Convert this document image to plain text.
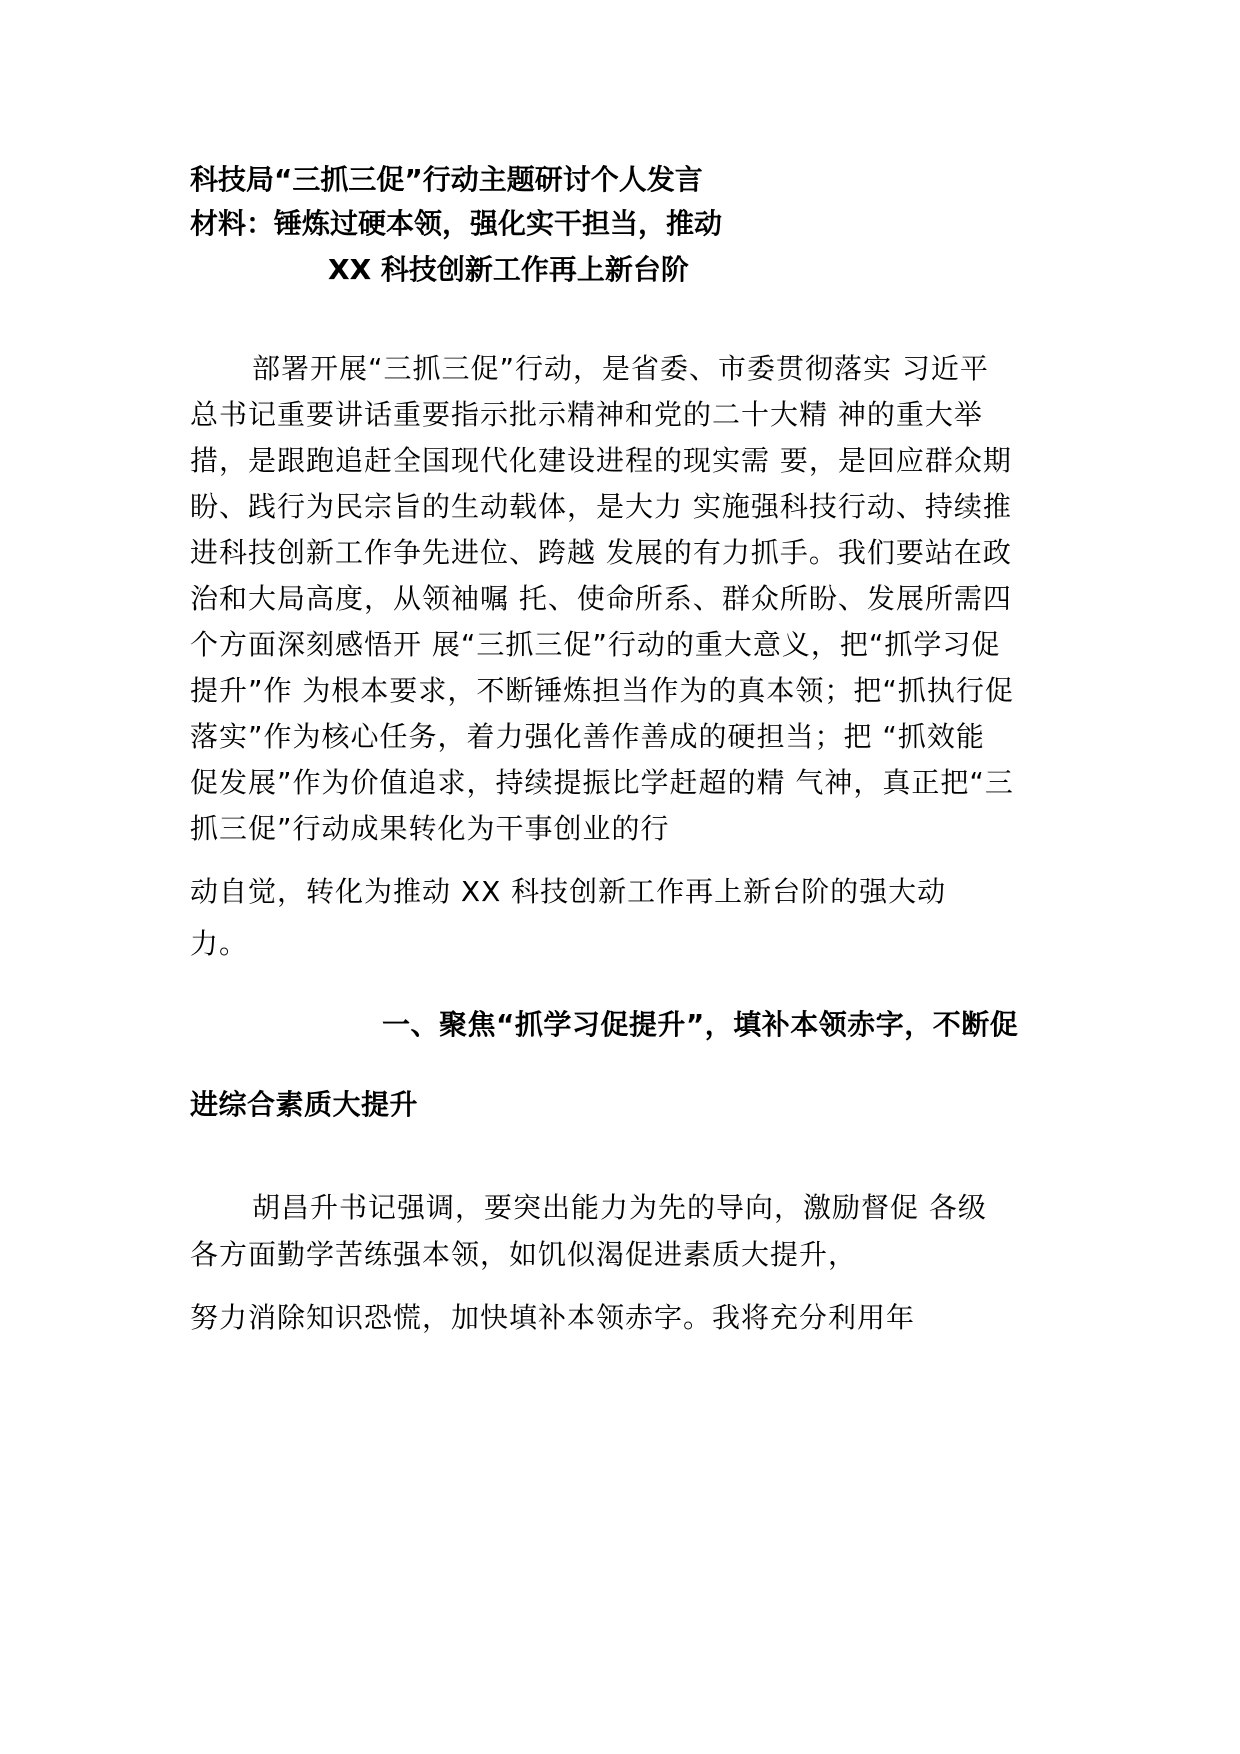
科技局“三抓三促”行动主题研讨个人发言
材料：锤炼过硬本领，强化实干担当，推动
XX 科技创新工作再上新台阶
部署开展“三抓三促”行动，是省委、市委贯彻落实 习近平
总书记重要讲话重要指示批示精神和党的二十大精 神的重大举
措，是跟跑追赶全国现代化建设进程的现实需 要，是回应群众期
盼、践行为民宗旨的生动载体，是大力 实施强科技行动、持续推
进科技创新工作争先进位、跨越 发展的有力抓手。我们要站在政
治和大局高度，从领袖嘱 托、使命所系、群众所盼、发展所需四
个方面深刻感悟开 展“三抓三促”行动的重大意义，把“抓学习促
提升”作 为根本要求，不断锤炼担当作为的真本领；把“抓执行促
落实”作为核心任务，着力强化善作善成的硬担当；把 “抓效能
促发展”作为价值追求，持续提振比学赶超的精 气神，真正把“三
抓三促”行动成果转化为干事创业的行
动自觉，转化为推动 XX 科技创新工作再上新台阶的强大动
力。
一、聚焦“抓学习促提升”，填补本领赤字，不断促
进综合素质大提升
胡昌升书记强调，要突出能力为先的导向，激励督促 各级
各方面勤学苦练强本领，如饥似渴促进素质大提升，
努力消除知识恐慌，加快填补本领赤字。我将充分利用年
